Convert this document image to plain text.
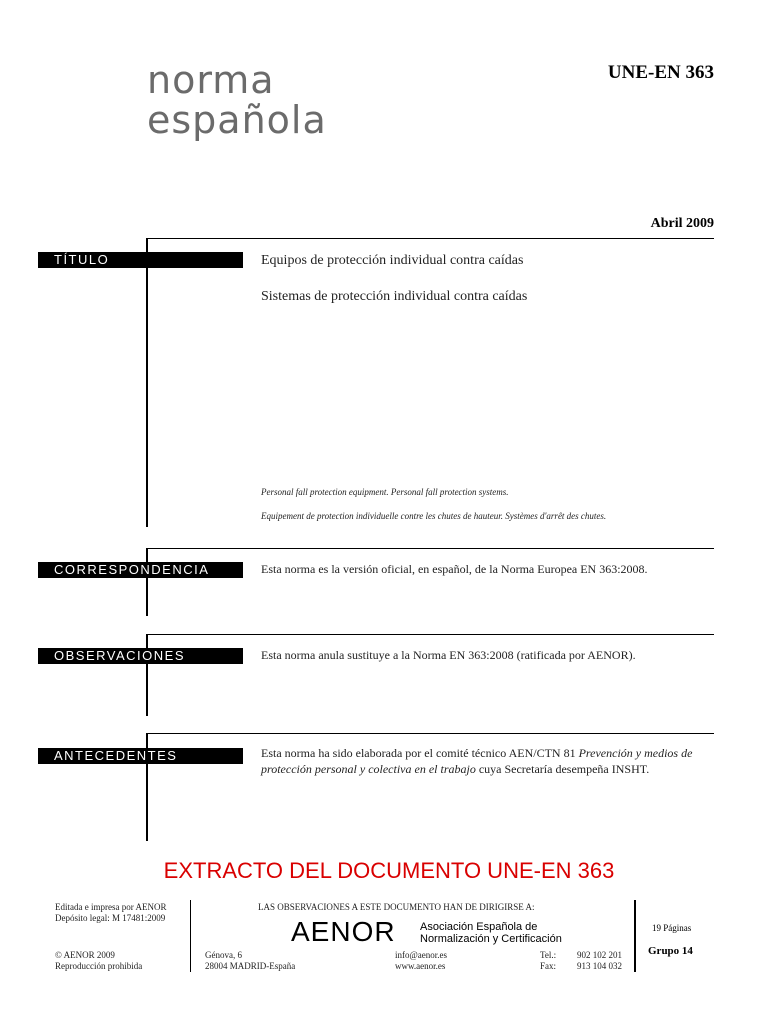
norma
española
UNE-EN 363
Abril 2009
TÍTULO	Equipos de protección individual contra caídas
Sistemas de protección individual contra caídas
Personal fall protection equipment. Personal fall protection systems.
Equipement de protection individuelle contre les chutes de hauteur. Systèmes d'arrêt des chutes.
CORRESPONDENCIA	Esta norma es la versión oficial, en español, de la Norma Europea EN 363:2008.
OBSERVACIONES	Esta norma anula sustituye a la Norma EN 363:2008 (ratificada por AENOR).
ANTECEDENTES	Esta norma ha sido elaborada por el comité técnico AEN/CTN 81 Prevención y medios de protección personal y colectiva en el trabajo cuya Secretaría desempeña INSHT.
EXTRACTO DEL DOCUMENTO UNE-EN 363
Editada e impresa por AENOR
Depósito legal: M 17481:2009
© AENOR 2009
Reproducción prohibida
LAS OBSERVACIONES A ESTE DOCUMENTO HAN DE DIRIGIRSE A:
AENOR Asociación Española de
Normalización y Certificación
Génova, 6
28004 MADRID-España
info@aenor.es
www.aenor.es
Tel.: 902 102 201
Fax: 913 104 032
19 Páginas
Grupo 14
